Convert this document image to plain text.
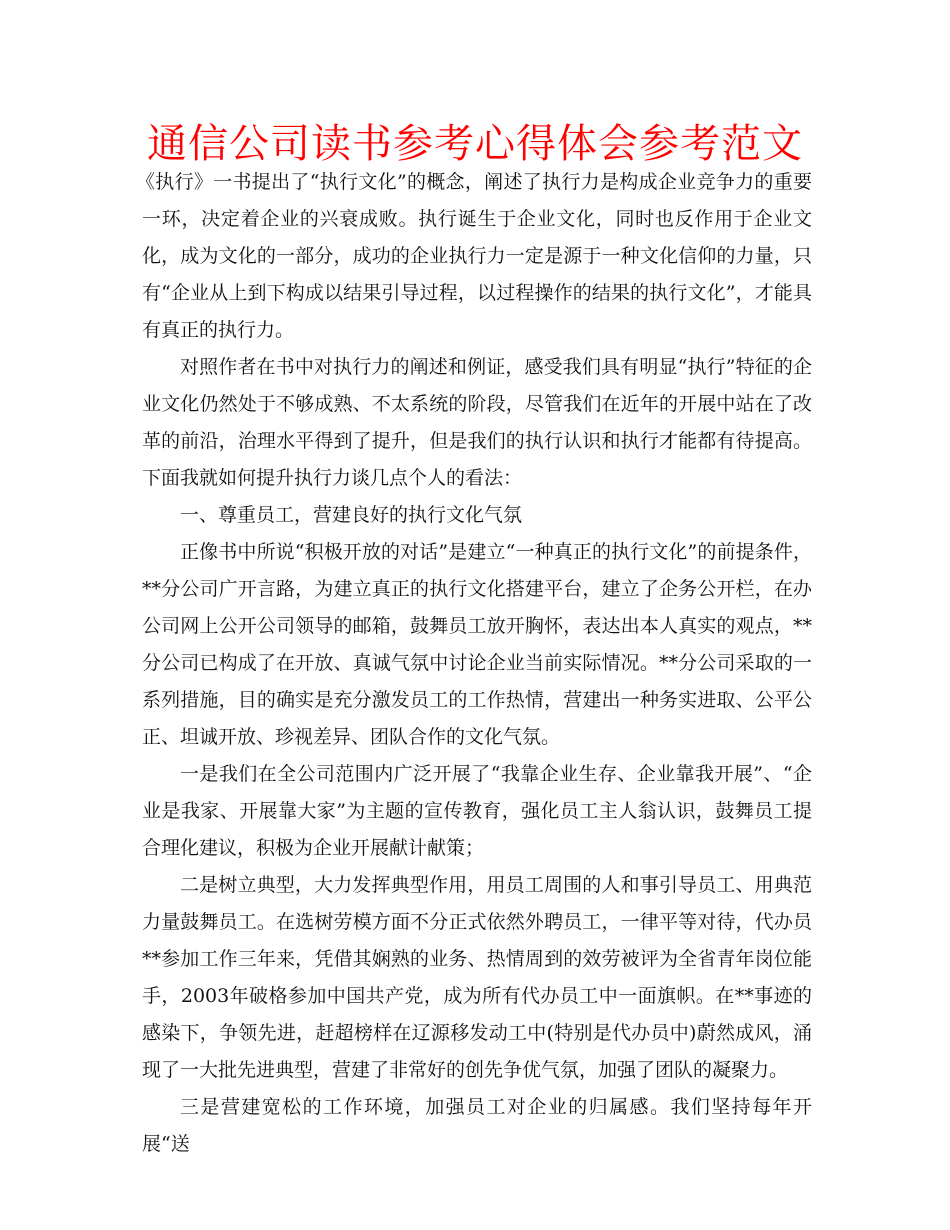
通信公司读书参考心得体会参考范文

《执行》一书提出了“执行文化”的概念，阐述了执行力是构成企业竞争力的重要一环，决定着企业的兴衰成败。执行诞生于企业文化，同时也反作用于企业文化，成为文化的一部分，成功的企业执行力一定是源于一种文化信仰的力量，只有“企业从上到下构成以结果引导过程，以过程操作的结果的执行文化”，才能具有真正的执行力。

对照作者在书中对执行力的阐述和例证，感受我们具有明显“执行”特征的企业文化仍然处于不够成熟、不太系统的阶段，尽管我们在近年的开展中站在了改革的前沿，治理水平得到了提升，但是我们的执行认识和执行才能都有待提高。下面我就如何提升执行力谈几点个人的看法：

一、尊重员工，营建良好的执行文化气氛

正像书中所说“积极开放的对话”是建立“一种真正的执行文化”的前提条件，**分公司广开言路，为建立真正的执行文化搭建平台，建立了企务公开栏，在办公司网上公开公司领导的邮箱，鼓舞员工放开胸怀，表达出本人真实的观点，**分公司已构成了在开放、真诚气氛中讨论企业当前实际情况。**分公司采取的一系列措施，目的确实是充分激发员工的工作热情，营建出一种务实进取、公平公正、坦诚开放、珍视差异、团队合作的文化气氛。

一是我们在全公司范围内广泛开展了“我靠企业生存、企业靠我开展”、“企业是我家、开展靠大家”为主题的宣传教育，强化员工主人翁认识，鼓舞员工提合理化建议，积极为企业开展献计献策；

二是树立典型，大力发挥典型作用，用员工周围的人和事引导员工、用典范力量鼓舞员工。在选树劳模方面不分正式依然外聘员工，一律平等对待，代办员**参加工作三年来，凭借其娴熟的业务、热情周到的效劳被评为全省青年岗位能手，2003年破格参加中国共产党，成为所有代办员工中一面旗帜。在**事迹的感染下，争领先进，赶超榜样在辽源移发动工中(特别是代办员中)蔚然成风，涌现了一大批先进典型，营建了非常好的创先争优气氛，加强了团队的凝聚力。

三是营建宽松的工作环境，加强员工对企业的归属感。我们坚持每年开展“送
